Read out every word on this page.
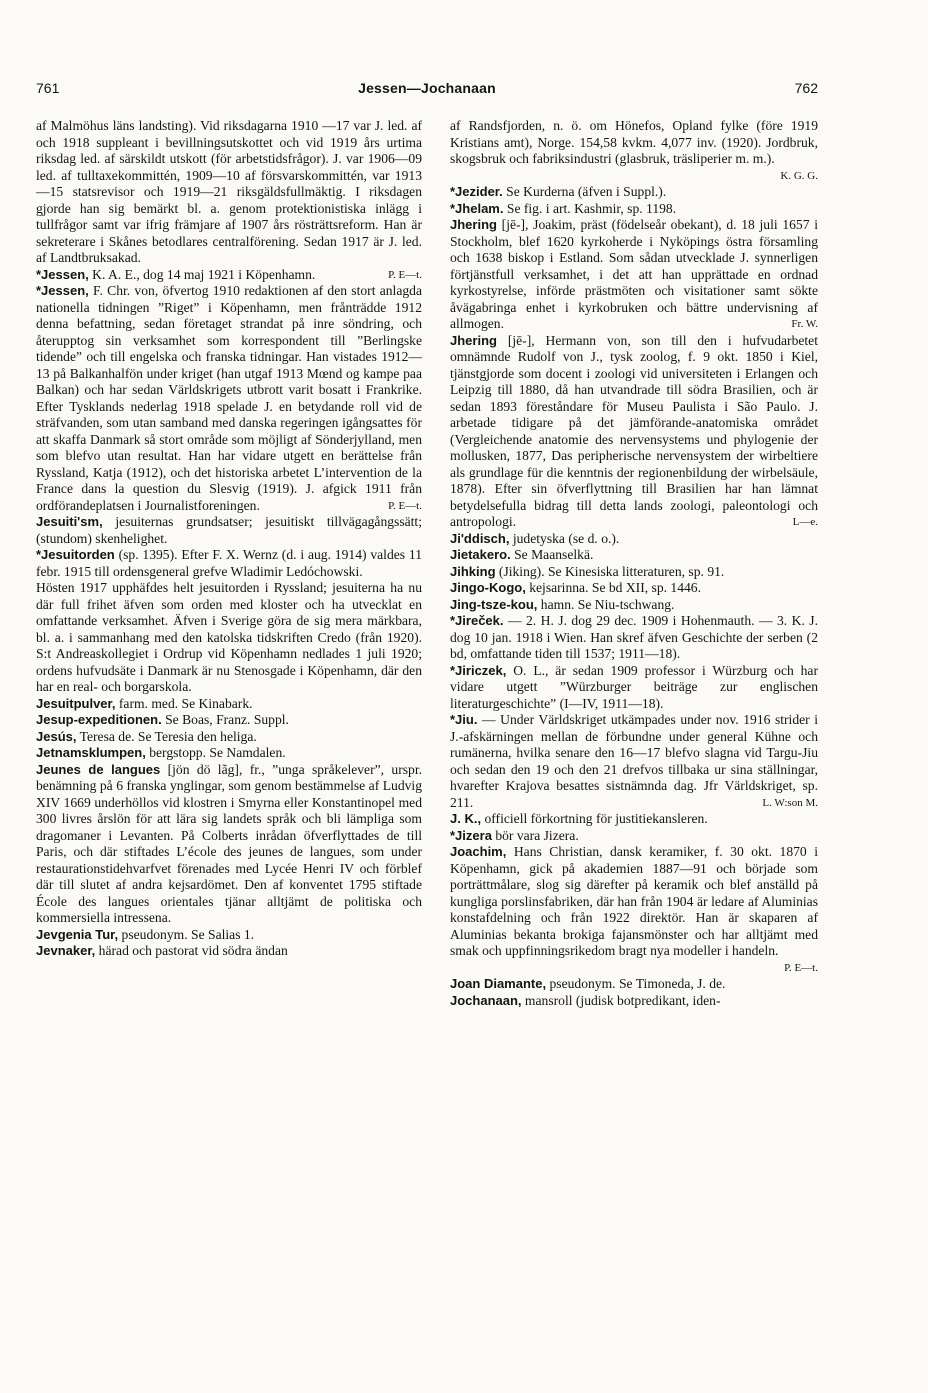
761	Jessen—Jochanaan	762

af Malmöhus läns landsting). Vid riksdagarna 1910 —17 var J. led. af och 1918 suppleant i bevillningsutskottet och vid 1919 års urtima riksdag led. af särskildt utskott (för arbetstidsfrågor). J. var 1906—09 led. af tulltaxekommittén, 1909—10 af försvarskommittén, var 1913—15 statsrevisor och 1919—21 riksgäldsfullmäktig. I riksdagen gjorde han sig bemärkt bl. a. genom protektionistiska inlägg i tullfrågor samt var ifrig främjare af 1907 års rösträttsreform. Han är sekreterare i Skånes betodlares centralförening. Sedan 1917 är J. led. af Landtbruksakad.

*Jessen, K. A. E., dog 14 maj 1921 i Köpenhamn.	P. E—t.

*Jessen, F. Chr. von, öfvertog 1910 redaktionen af den stort anlagda nationella tidningen ”Riget” i Köpenhamn, men frånträdde 1912 denna befattning, sedan företaget strandat på inre söndring, och återupptog sin verksamhet som korrespondent till ”Berlingske tidende” och till engelska och franska tidningar. Han vistades 1912—13 på Balkanhalfön under kriget (han utgaf 1913 Mœnd og kampe paa Balkan) och har sedan Världskrigets utbrott varit bosatt i Frankrike. Efter Tysklands nederlag 1918 spelade J. en betydande roll vid de sträfvanden, som utan samband med danska regeringen igångsattes för att skaffa Danmark så stort område som möjligt af Sönderjylland, men som blefvo utan resultat. Han har vidare utgett en berättelse från Ryssland, Katja (1912), och det historiska arbetet L’intervention de la France dans la question du Slesvig (1919). J. afgick 1911 från ordförandeplatsen i Journalistforeningen.	P. E—t.

Jesuiti'sm, jesuiternas grundsatser; jesuitiskt tillvägagångssätt; (stundom) skenhelighet.

*Jesuitorden (sp. 1395). Efter F. X. Wernz (d. i aug. 1914) valdes 11 febr. 1915 till ordensgeneral grefve Wladimir Ledóchowski.

Hösten 1917 upphäfdes helt jesuitorden i Ryssland; jesuiterna ha nu där full frihet äfven som orden med kloster och ha utvecklat en omfattande verksamhet. Äfven i Sverige göra de sig mera märkbara, bl. a. i sammanhang med den katolska tidskriften Credo (från 1920). S:t Andreaskollegiet i Ordrup vid Köpenhamn nedlades 1 juli 1920; ordens hufvudsäte i Danmark är nu Stenosgade i Köpenhamn, där den har en real- och borgarskola.

Jesuitpulver, farm. med. Se Kinabark.

Jesup-expeditionen. Se Boas, Franz. Suppl.

Jesús, Teresa de. Se Teresia den heliga.

Jetnamsklumpen, bergstopp. Se Namdalen.

Jeunes de langues [jön dö lãg], fr., ”unga språkelever”, urspr. benämning på 6 franska ynglingar, som genom bestämmelse af Ludvig XIV 1669 underhöllos vid klostren i Smyrna eller Konstantinopel med 300 livres årslön för att lära sig landets språk och bli lämpliga som dragomaner i Levanten. På Colberts inrådan öfverflyttades de till Paris, och där stiftades L’école des jeunes de langues, som under restaurationstidehvarfvet förenades med Lycée Henri IV och förblef där till slutet af andra kejsardömet. Den af konventet 1795 stiftade École des langues orientales tjänar alltjämt de politiska och kommersiella intressena.

Jevgenia Tur, pseudonym. Se Salias 1.

Jevnaker, härad och pastorat vid södra ändan

af Randsfjorden, n. ö. om Hönefos, Opland fylke (före 1919 Kristians amt), Norge. 154,58 kvkm. 4,077 inv. (1920). Jordbruk, skogsbruk och fabriksindustri (glasbruk, träsliperier m. m.).
K. G. G.

*Jezider. Se Kurderna (äfven i Suppl.).

*Jhelam. Se fig. i art. Kashmir, sp. 1198.

Jhering [jē-], Joakim, präst (födelseår obekant), d. 18 juli 1657 i Stockholm, blef 1620 kyrkoherde i Nyköpings östra församling och 1638 biskop i Estland. Som sådan utvecklade J. synnerligen förtjänstfull verksamhet, i det att han upprättade en ordnad kyrkostyrelse, införde prästmöten och visitationer samt sökte åvägabringa enhet i kyrkobruken och bättre undervisning af allmogen.	Fr. W.

Jhering [jē-], Hermann von, son till den i hufvudarbetet omnämnde Rudolf von J., tysk zoolog, f. 9 okt. 1850 i Kiel, tjänstgjorde som docent i zoologi vid universiteten i Erlangen och Leipzig till 1880, då han utvandrade till södra Brasilien, och är sedan 1893 föreståndare för Museu Paulista i São Paulo. J. arbetade tidigare på det jämförande-anatomiska området (Vergleichende anatomie des nervensystems und phylogenie der mollusken, 1877, Das peripherische nervensystem der wirbeltiere als grundlage für die kenntnis der regionenbildung der wirbelsäule, 1878). Efter sin öfverflyttning till Brasilien har han lämnat betydelsefulla bidrag till detta lands zoologi, paleontologi och antropologi.	L—e.

Ji'ddisch, judetyska (se d. o.).

Jietakero. Se Maanselkä.

Jihking (Jiking). Se Kinesiska litteraturen, sp. 91.

Jingo-Kogo, kejsarinna. Se bd XII, sp. 1446.

Jing-tsze-kou, hamn. Se Niu-tschwang.

*Jireček. — 2. H. J. dog 29 dec. 1909 i Hohenmauth. — 3. K. J. dog 10 jan. 1918 i Wien. Han skref äfven Geschichte der serben (2 bd, omfattande tiden till 1537; 1911—18).

*Jiriczek, O. L., är sedan 1909 professor i Würzburg och har vidare utgett ”Würzburger beiträge zur englischen literaturgeschichte” (I—IV, 1911—18).

*Jiu. — Under Världskriget utkämpades under nov. 1916 strider i J.-afskärningen mellan de förbundne under general Kühne och rumänerna, hvilka senare den 16—17 blefvo slagna vid Targu-Jiu och sedan den 19 och den 21 drefvos tillbaka ur sina ställningar, hvarefter Krajova besattes sistnämnda dag. Jfr Världskriget, sp. 211.	L. W:son M.

J. K., officiell förkortning för justitiekansleren.

*Jizera bör vara Jizera.

Joachim, Hans Christian, dansk keramiker, f. 30 okt. 1870 i Köpenhamn, gick på akademien 1887—91 och började som porträttmålare, slog sig därefter på keramik och blef anställd på kungliga porslinsfabriken, där han från 1904 är ledare af Aluminias konstafdelning och från 1922 direktör. Han är skaparen af Aluminias bekanta brokiga fajansmönster och har alltjämt med smak och uppfinningsrikedom bragt nya modeller i handeln.
P. E—t.

Joan Diamante, pseudonym. Se Timoneda, J. de.

Jochanaan, mansroll (judisk botpredikant, iden-
